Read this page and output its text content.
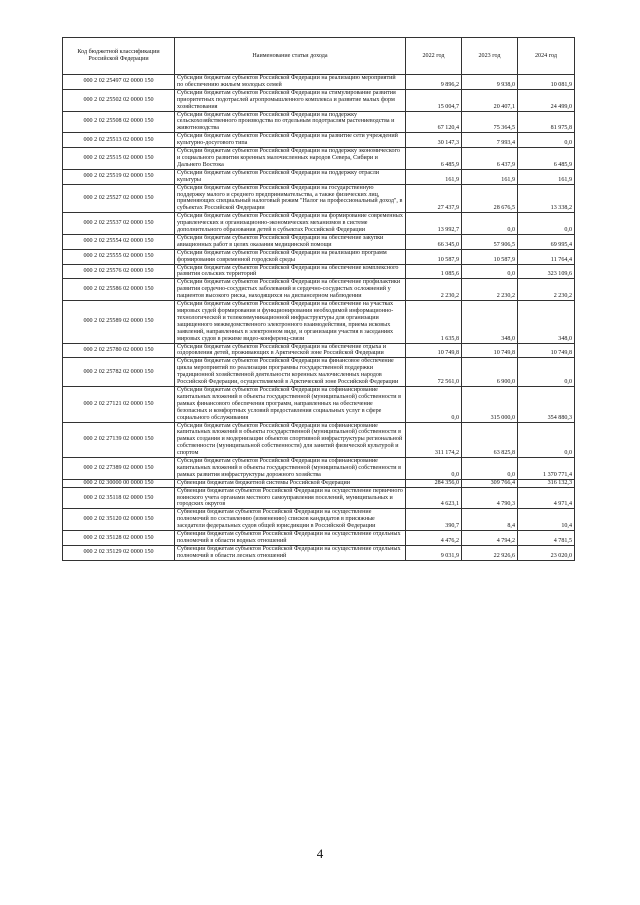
Код бюджетной классификации Российской Федерации	Наименование статьи дохода	2022 год	2023 год	2024 год
000 2 02 25497 02 0000 150	Субсидии бюджетам субъектов Российской Федерации на реализацию мероприятий по обеспечению жильем молодых семей	9 896,2	9 938,0	10 081,9
000 2 02 25502 02 0000 150	Субсидии бюджетам субъектов Российской Федерации на стимулирование развития приоритетных подотраслей агропромышленного комплекса и развитие малых форм хозяйствования	15 004,7	20 407,1	24 499,0
000 2 02 25508 02 0000 150	Субсидии бюджетам субъектов Российской Федерации на поддержку сельскохозяйственного производства по отдельным подотраслям растениеводства и животноводства	67 120,4	75 364,5	81 975,8
000 2 02 25513 02 0000 150	Субсидии бюджетам субъектов Российской Федерации на развитие сети учреждений культурно-досугового типа	30 147,3	7 993,4	0,0
000 2 02 25515 02 0000 150	Субсидии бюджетам субъектов Российской Федерации на поддержку экономического и социального развития коренных малочисленных народов Севера, Сибири и Дальнего Востока	6 485,9	6 437,9	6 485,9
000 2 02 25519 02 0000 150	Субсидии бюджетам субъектов Российской Федерации на поддержку отрасли культуры	161,9	161,9	161,9
000 2 02 25527 02 0000 150	Субсидии бюджетам субъектов Российской Федерации на государственную поддержку малого и среднего предпринимательства, а также физических лиц, применяющих специальный налоговый режим "Налог на профессиональный доход", в субъектах Российской Федерации	27 437,9	28 676,5	13 338,2
000 2 02 25537 02 0000 150	Субсидии бюджетам субъектов Российской Федерации на формирование современных управленческих и организационно-экономических механизмов в системе дополнительного образования детей в субъектах Российской Федерации	13 992,7	0,0	0,0
000 2 02 25554 02 0000 150	Субсидии бюджетам субъектов Российской Федерации на обеспечение закупки авиационных работ в целях оказания медицинской помощи	66 345,0	57 906,5	69 995,4
000 2 02 25555 02 0000 150	Субсидии бюджетам субъектов Российской Федерации на реализацию программ формирования современной городской среды	10 587,9	10 587,9	11 764,4
000 2 02 25576 02 0000 150	Субсидии бюджетам субъектов Российской Федерации на обеспечение комплексного развития сельских территорий	1 085,6	0,0	323 109,6
000 2 02 25586 02 0000 150	Субсидии бюджетам субъектов Российской Федерации на обеспечение профилактики развития сердечно-сосудистых заболеваний и сердечно-сосудистых осложнений у пациентов высокого риска, находящихся на диспансерном наблюдении	2 230,2	2 230,2	2 230,2
000 2 02 25589 02 0000 150	Субсидии бюджетам субъектов Российской Федерации на обеспечение на участках мировых судей формирования и функционирования необходимой информационно-технологической и телекоммуникационной инфраструктуры для организации защищенного межведомственного электронного взаимодействия, приема исковых заявлений, направленных в электронном виде, и организации участия в заседаниях мировых судов в режиме видео-конференц-связи	1 635,8	348,0	348,0
000 2 02 25780 02 0000 150	Субсидии бюджетам субъектов Российской Федерации на обеспечение отдыха и оздоровления детей, проживающих в Арктической зоне Российской Федерации	10 749,8	10 749,8	10 749,8
000 2 02 25782 02 0000 150	Субсидии бюджетам субъектов Российской Федерации на финансовое обеспечение цикла мероприятий по реализации программы государственной поддержки традиционной хозяйственной деятельности коренных малочисленных народов Российской Федерации, осуществляемой в Арктической зоне Российской Федерации	72 561,0	6 900,0	0,0
000 2 02 27121 02 0000 150	Субсидии бюджетам субъектов Российской Федерации на софинансирование капитальных вложений в объекты государственной (муниципальной) собственности в рамках финансового обеспечения программ, направленных на обеспечение безопасных и комфортных условий предоставления социальных услуг в сфере социального обслуживания	0,0	315 000,0	354 880,3
000 2 02 27139 02 0000 150	Субсидии бюджетам субъектов Российской Федерации на софинансирование капитальных вложений в объекты государственной (муниципальной) собственности в рамках создания и модернизации объектов спортивной инфраструктуры региональной собственности (муниципальной собственности) для занятий физической культурой и спортом	311 174,2	63 825,8	0,0
000 2 02 27389 02 0000 150	Субсидии бюджетам субъектов Российской Федерации на софинансирование капитальных вложений в объекты государственной (муниципальной) собственности в рамках развития инфраструктуры дорожного хозяйства	0,0	0,0	1 370 771,4
000 2 02 30000 00 0000 150	Субвенции бюджетам бюджетной системы Российской Федерации	284 356,0	309 766,4	316 132,3
000 2 02 35118 02 0000 150	Субвенции бюджетам субъектов Российской Федерации на осуществление первичного воинского учета органами местного самоуправления поселений, муниципальных и городских округов	4 623,1	4 790,3	4 971,4
000 2 02 35120 02 0000 150	Субвенции бюджетам субъектов Российской Федерации на осуществление полномочий по составлению (изменению) списков кандидатов в присяжные заседатели федеральных судов общей юрисдикции в Российской Федерации	390,7	8,4	10,4
000 2 02 35128 02 0000 150	Субвенции бюджетам субъектов Российской Федерации на осуществление отдельных полномочий в области водных отношений	4 476,2	4 794,2	4 781,5
000 2 02 35129 02 0000 150	Субвенции бюджетам субъектов Российской Федерации на осуществление отдельных полномочий в области лесных отношений	9 031,9	22 926,6	23 020,0
4
